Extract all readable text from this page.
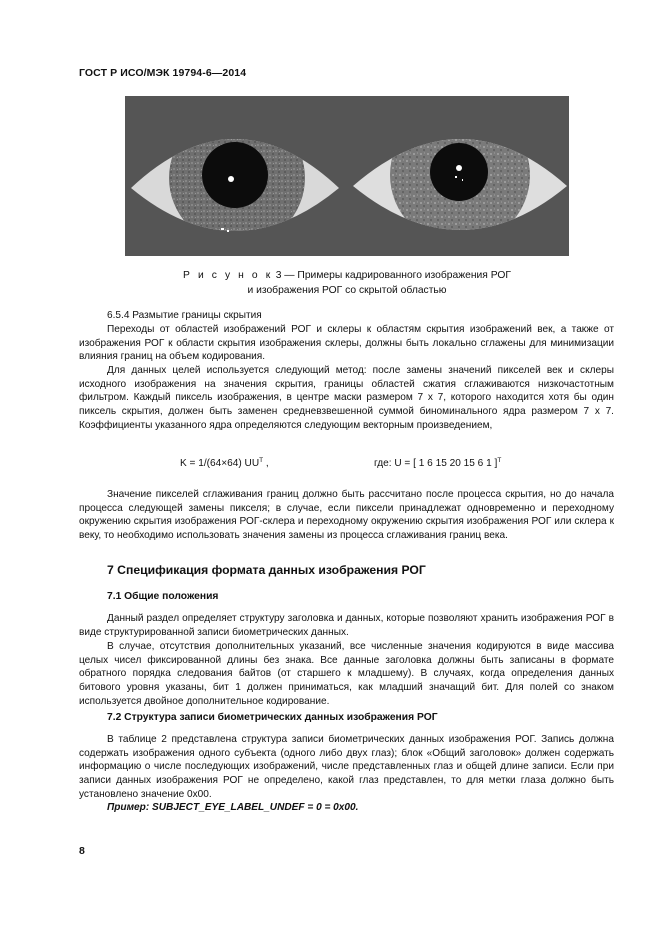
ГОСТ Р ИСО/МЭК 19794-6—2014
Р и с у н о к 3 — Примеры кадрированного изображения РОГ
и изображения РОГ со скрытой областью

6.5.4 Размытие границы скрытия

Переходы от областей изображений РОГ и склеры к областям скрытия изображений век, а также от изображения РОГ к области скрытия изображения склеры, должны быть локально сглажены для минимизации влияния границ на объем кодирования.

Для данных целей используется следующий метод: после замены значений пикселей век и склеры исходного изображения на значения скрытия, границы областей сжатия сглаживаются низкочастотным фильтром. Каждый пиксель изображения, в центре маски размером 7 x 7, которого находится хотя бы один пиксель скрытия, должен быть заменен средневзвешенной суммой биноминального ядра размером 7 x 7. Коэффициенты указанного ядра определяются следующим векторным произведением,

K = 1/(64×64) $UU^T$ ,	где: U = [ 1 6 15 20 15 6 1 ]$^T$

Значение пикселей сглаживания границ должно быть рассчитано после процесса скрытия, но до начала процесса следующей замены пикселя; в случае, если пиксели принадлежат одновременно и переходному окружению скрытия изображения РОГ-склера и переходному окружению скрытия изображения РОГ или склера к веку, то необходимо использовать значения замены из процесса сглаживания границ века.

7 Спецификация формата данных изображения РОГ
7.1 Общие положения

Данный раздел определяет структуру заголовка и данных, которые позволяют хранить изображения РОГ в виде структурированной записи биометрических данных.

В случае, отсутствия дополнительных указаний, все численные значения кодируются в виде массива целых чисел фиксированной длины без знака. Все данные заголовка должны быть записаны в формате обратного порядка следования байтов (от старшего к младшему). В случаях, когда определения данных битового уровня указаны, бит 1 должен приниматься, как младший значащий бит. Для полей со знаком используется двойное дополнительное кодирование.

7.2 Структура записи биометрических данных изображения РОГ

В таблице 2 представлена структура записи биометрических данных изображения РОГ. Запись должна содержать изображения одного субъекта (одного либо двух глаз); блок «Общий заголовок» должен содержать информацию о числе последующих изображений, числе представленных глаз и общей длине записи. Если при записи данных изображения РОГ не определено, какой глаз представлен, то для метки глаза должно быть установлено значение 0x00.

Пример: SUBJECT_EYE_LABEL_UNDEF = 0 = 0x00.
8
